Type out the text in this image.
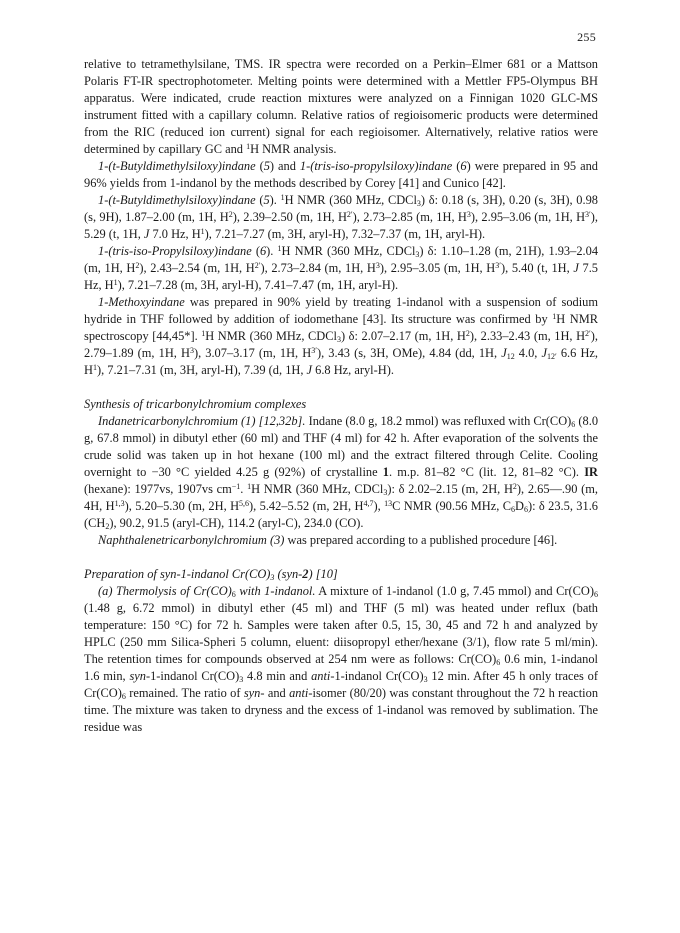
255

relative to tetramethylsilane, TMS. IR spectra were recorded on a Perkin–Elmer 681 or a Mattson Polaris FT-IR spectrophotometer. Melting points were determined with a Mettler FP5-Olympus BH apparatus. Were indicated, crude reaction mixtures were analyzed on a Finnigan 1020 GLC-MS instrument fitted with a capillary column. Relative ratios of regioisomeric products were determined from the RIC (reduced ion current) signal for each regioisomer. Alternatively, relative ratios were determined by capillary GC and $^1$H NMR analysis.

1-(t-Butyldimethylsiloxy)indane (5) and 1-(tris-iso-propylsiloxy)indane (6) were prepared in 95 and 96% yields from 1-indanol by the methods described by Corey [41] and Cunico [42].

1-(t-Butyldimethylsiloxy)indane (5). $^1$H NMR (360 MHz, CDCl$_3$) δ: 0.18 (s, 3H), 0.20 (s, 3H), 0.98 (s, 9H), 1.87–2.00 (m, 1H, $H^2$), 2.39–2.50 (m, 1H, $H^{2'}$), 2.73–2.85 (m, 1H, $H^3$), 2.95–3.06 (m, 1H, $H^{3'}$), 5.29 (t, 1H, J 7.0 Hz, $H^1$), 7.21–7.27 (m, 3H, aryl-H), 7.32–7.37 (m, 1H, aryl-H).

1-(tris-iso-Propylsiloxy)indane (6). $^1$H NMR (360 MHz, CDCl$_3$) δ: 1.10–1.28 (m, 21H), 1.93–2.04 (m, 1H, $H^2$), 2.43–2.54 (m, 1H, $H^{2'}$), 2.73–2.84 (m, 1H, $H^3$), 2.95–3.05 (m, 1H, $H^{3'}$), 5.40 (t, 1H, J 7.5 Hz, $H^1$), 7.21–7.28 (m, 3H, aryl-H), 7.41–7.47 (m, 1H, aryl-H).

1-Methoxyindane was prepared in 90% yield by treating 1-indanol with a suspension of sodium hydride in THF followed by addition of iodomethane [43]. Its structure was confirmed by $^1$H NMR spectroscopy [44,45*]. $^1$H NMR (360 MHz, CDCl$_3$) δ: 2.07–2.17 (m, 1H, $H^2$), 2.33–2.43 (m, 1H, $H^{2'}$), 2.79–1.89 (m, 1H, $H^3$), 3.07–3.17 (m, 1H, $H^{3'}$), 3.43 (s, 3H, OMe), 4.84 (dd, 1H, $J_{12}$ 4.0, $J_{12'}$ 6.6 Hz, $H^1$), 7.21–7.31 (m, 3H, aryl-H), 7.39 (d, 1H, J 6.8 Hz, aryl-H).

Synthesis of tricarbonylchromium complexes

Indanetricarbonylchromium (1) [12,32b]. Indane (8.0 g, 18.2 mmol) was refluxed with $Cr(CO)_6$ (8.0 g, 67.8 mmol) in dibutyl ether (60 ml) and THF (4 ml) for 42 h. After evaporation of the solvents the crude solid was taken up in hot hexane (100 ml) and the extract filtered through Celite. Cooling overnight to −30 °C yielded 4.25 g (92%) of crystalline 1. m.p. 81–82 °C (lit. 12, 81–82 °C). IR (hexane): 1977vs, 1907vs $cm^{-1}$. $^1$H NMR (360 MHz, CDCl$_3$): δ 2.02–2.15 (m, 2H, $H^2$), 2.65—.90 (m, 4H, H$^{1,3}$), 5.20–5.30 (m, 2H, H$^{5,6}$), 5.42–5.52 (m, 2H, H$^{4,7}$), $^{13}$C NMR (90.56 MHz, $C_6D_6$): δ 23.5, 31.6 $(CH_2)$, 90.2, 91.5 (aryl-CH), 114.2 (aryl-C), 234.0 (CO).

Naphthalenetricarbonylchromium (3) was prepared according to a published procedure [46].

Preparation of syn-1-indanol $Cr(CO)_3$ (syn-2) [10]

(a) Thermolysis of $Cr(CO)_6$ with 1-indanol. A mixture of 1-indanol (1.0 g, 7.45 mmol) and $Cr(CO)_6$ (1.48 g, 6.72 mmol) in dibutyl ether (45 ml) and THF (5 ml) was heated under reflux (bath temperature: 150 °C) for 72 h. Samples were taken after 0.5, 15, 30, 45 and 72 h and analyzed by HPLC (250 mm Silica-Spheri 5 column, eluent: diisopropyl ether/hexane (3/1), flow rate 5 ml/min). The retention times for compounds observed at 254 nm were as follows: $Cr(CO)_6$ 0.6 min, 1-indanol 1.6 min, syn-1-indanol $Cr(CO)_3$ 4.8 min and anti-1-indanol $Cr(CO)_3$ 12 min. After 45 h only traces of $Cr(CO)_6$ remained. The ratio of syn- and anti-isomer (80/20) was constant throughout the 72 h reaction time. The mixture was taken to dryness and the excess of 1-indanol was removed by sublimation. The residue was
